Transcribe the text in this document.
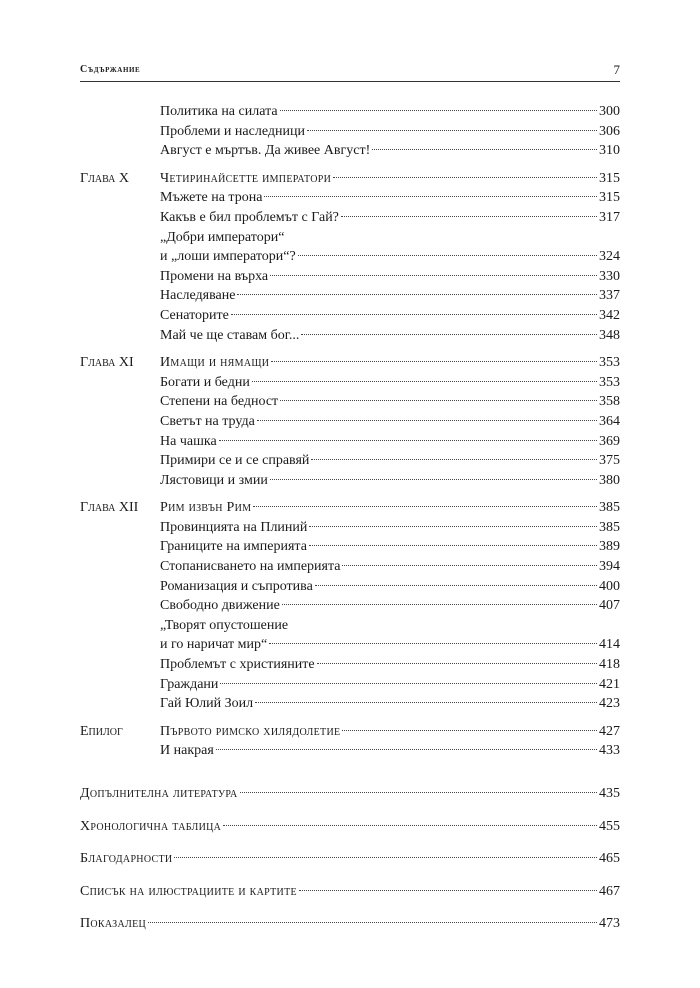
Съдържание	7
Политика на силата	300
Проблеми и наследници	306
Август е мъртъв. Да живее Август!	310
Глава X Четиринайсетте императори	315
Мъжете на трона	315
Какъв е бил проблемът с Гай?	317
„Добри императори“
и „лоши императори“?	324
Промени на върха	330
Наследяване	337
Сенаторите	342
Май че ще ставам бог...	348
Глава XI Имащи и нямащи	353
Богати и бедни	353
Степени на бедност	358
Светът на труда	364
На чашка	369
Примири се и се справяй	375
Лястовици и змии	380
Глава XII Рим извън Рим	385
Провинцията на Плиний	385
Границите на империята	389
Стопанисването на империята	394
Романизация и съпротива	400
Свободно движение	407
„Творят опустошение
и го наричат мир“	414
Проблемът с християните	418
Граждани	421
Гай Юлий Зоил	423
Епилог	Първото римско хилядолетие	427
И накрая	433
Допълнителна литература	435
Хронологична таблица	455
Благодарности	465
Списък на илюстрациите и картите	467
Показалец	473
